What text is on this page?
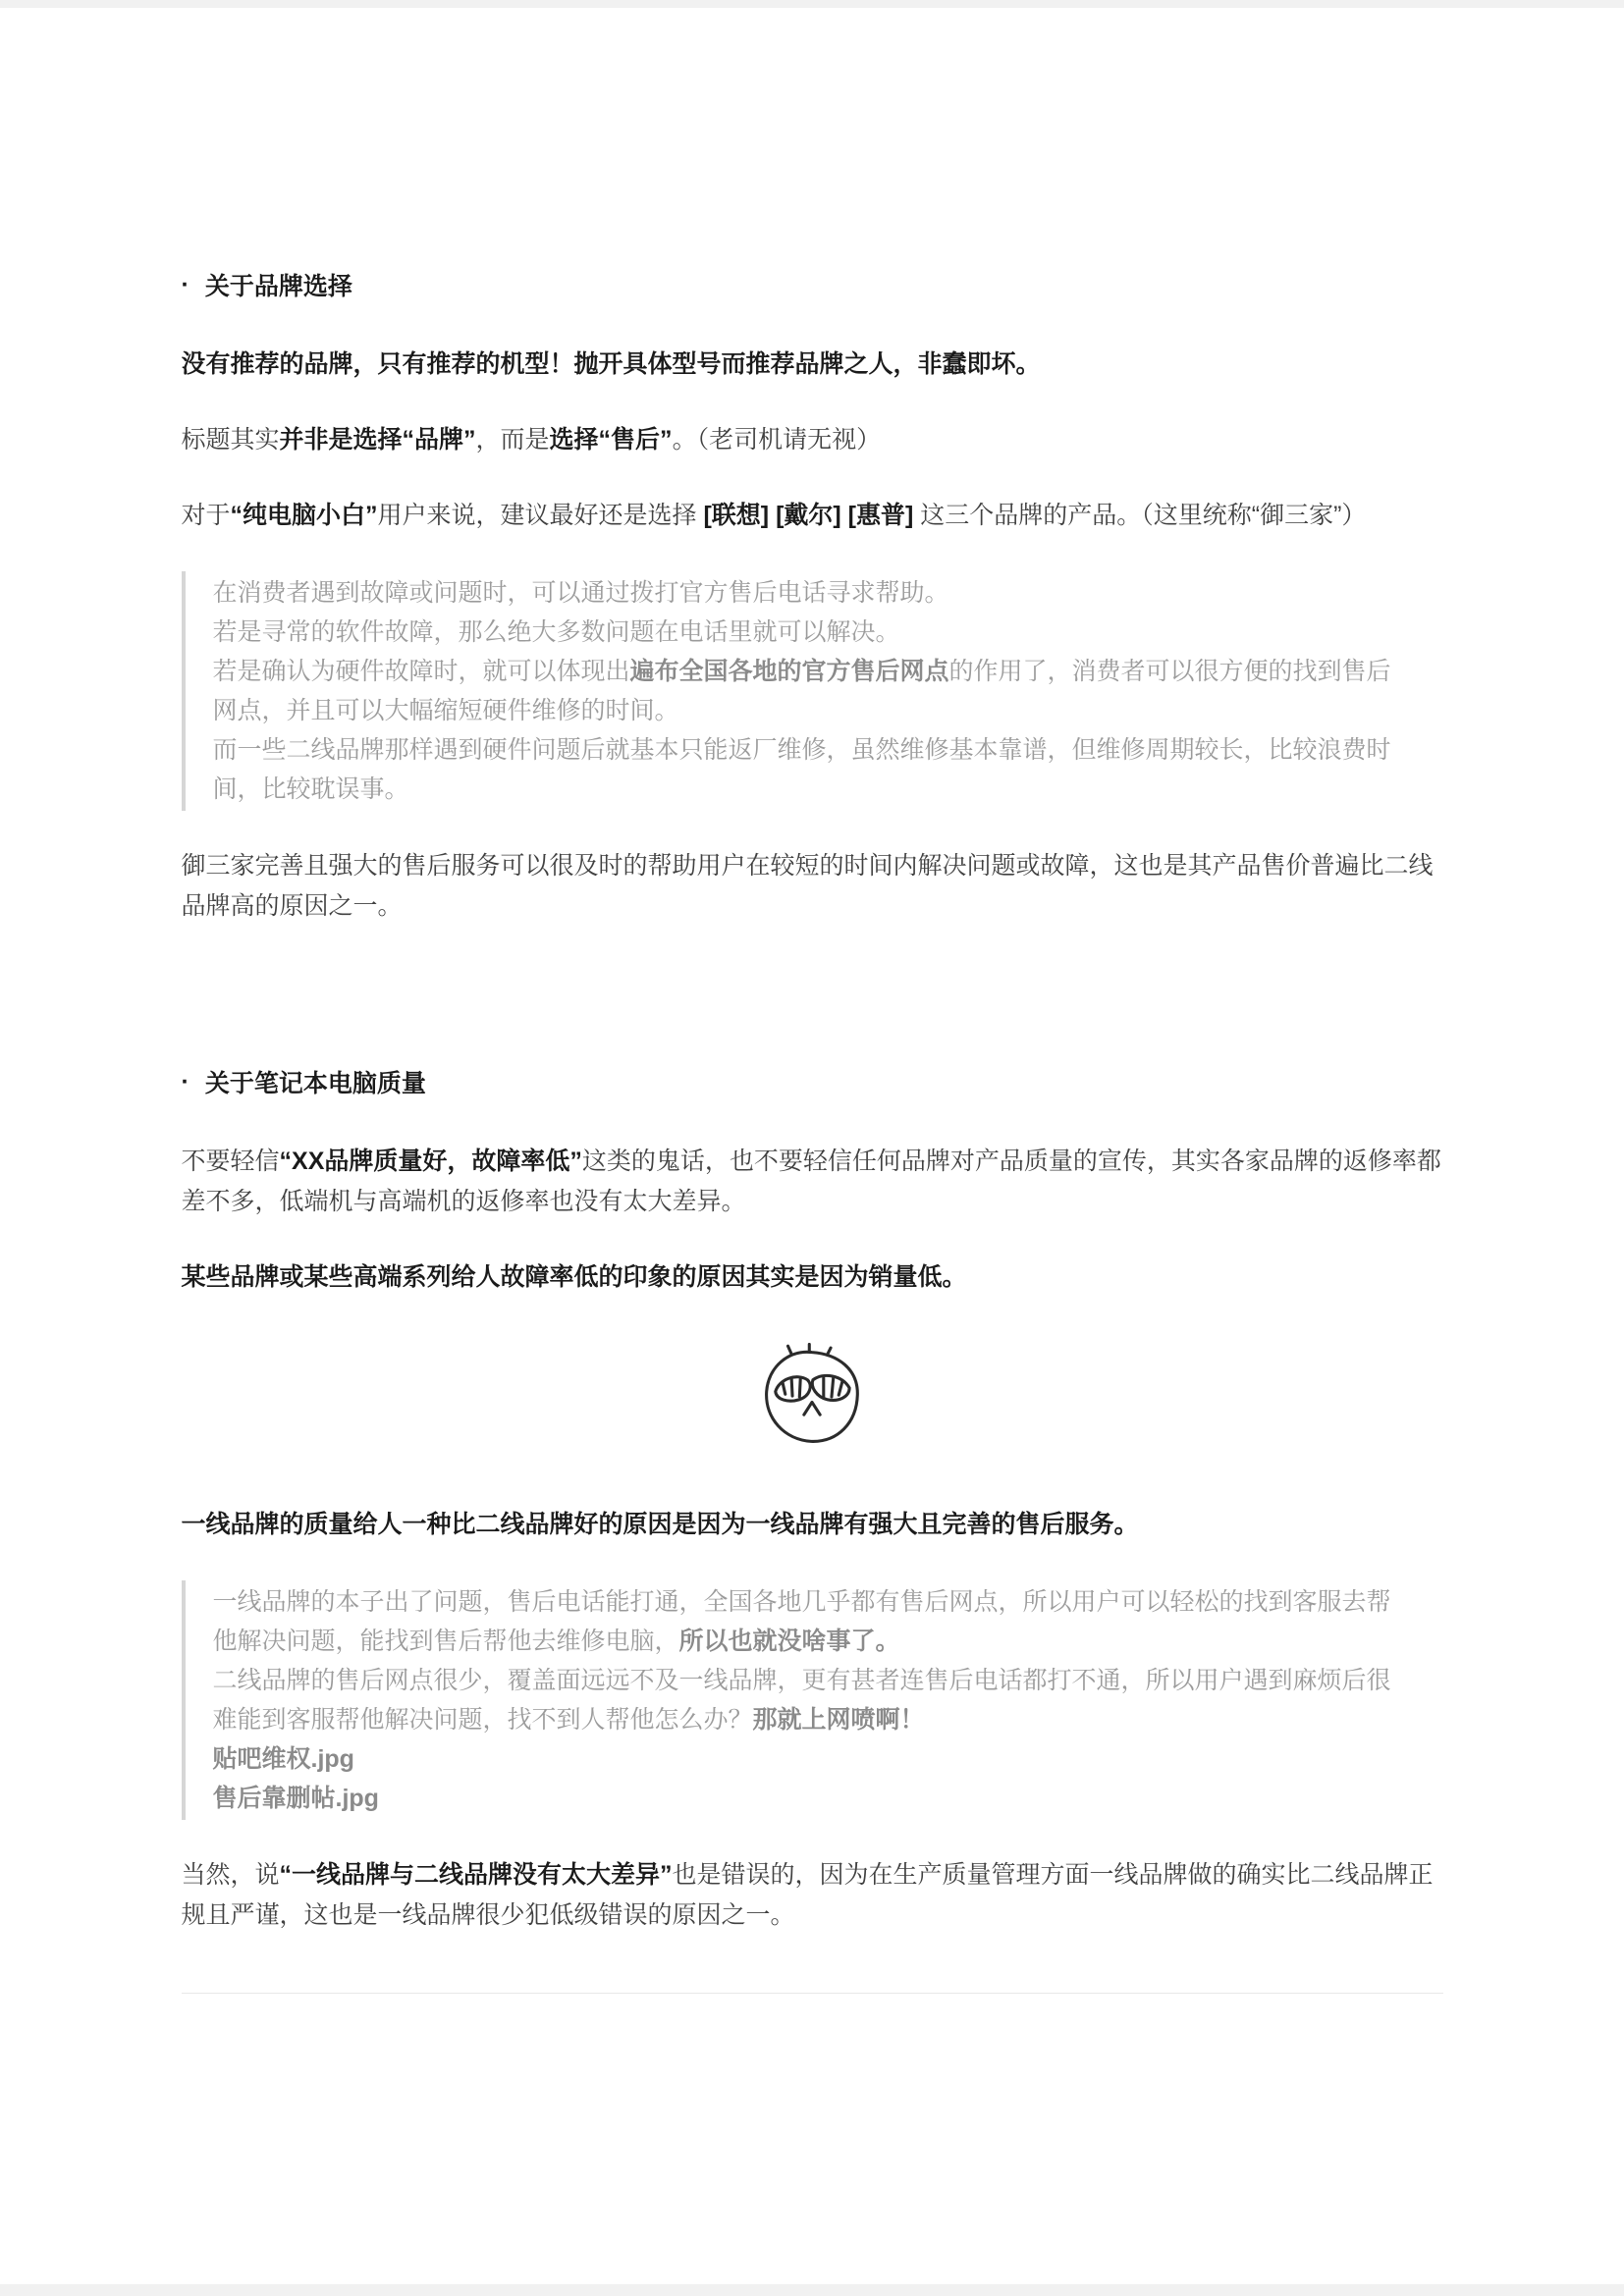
· 关于品牌选择

没有推荐的品牌，只有推荐的机型！抛开具体型号而推荐品牌之人，非蠢即坏。

标题其实并非是选择“品牌”，而是选择“售后”。（老司机请无视）

对于“纯电脑小白”用户来说，建议最好还是选择 [联想] [戴尔] [惠普] 这三个品牌的产品。（这里统称“御三家”）

在消费者遇到故障或问题时，可以通过拨打官方售后电话寻求帮助。

若是寻常的软件故障，那么绝大多数问题在电话里就可以解决。

若是确认为硬件故障时，就可以体现出遍布全国各地的官方售后网点的作用了，消费者可以很方便的找到售后网点，并且可以大幅缩短硬件维修的时间。

而一些二线品牌那样遇到硬件问题后就基本只能返厂维修，虽然维修基本靠谱，但维修周期较长，比较浪费时间，比较耽误事。

御三家完善且强大的售后服务可以很及时的帮助用户在较短的时间内解决问题或故障，这也是其产品售价普遍比二线品牌高的原因之一。

· 关于笔记本电脑质量

不要轻信“XX品牌质量好，故障率低”这类的鬼话，也不要轻信任何品牌对产品质量的宣传，其实各家品牌的返修率都差不多，低端机与高端机的返修率也没有太大差异。

某些品牌或某些高端系列给人故障率低的印象的原因其实是因为销量低。

一线品牌的质量给人一种比二线品牌好的原因是因为一线品牌有强大且完善的售后服务。

一线品牌的本子出了问题，售后电话能打通，全国各地几乎都有售后网点，所以用户可以轻松的找到客服去帮他解决问题，能找到售后帮他去维修电脑，所以也就没啥事了。

二线品牌的售后网点很少，覆盖面远远不及一线品牌，更有甚者连售后电话都打不通，所以用户遇到麻烦后很难能到客服帮他解决问题，找不到人帮他怎么办？那就上网喷啊！

贴吧维权.jpg

售后靠删帖.jpg

当然，说“一线品牌与二线品牌没有太大差异”也是错误的，因为在生产质量管理方面一线品牌做的确实比二线品牌正规且严谨，这也是一线品牌很少犯低级错误的原因之一。
